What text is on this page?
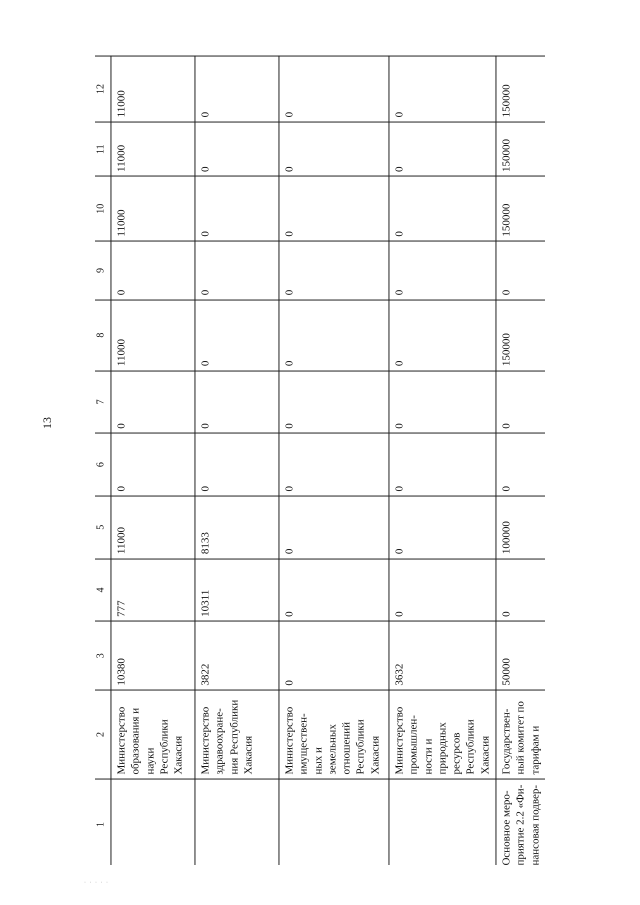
13
· · · · ·
1	2	3	4	5	6	7	8	9	10	11	12
	Министерство образования и науки Республики Хакасия	10380	777	11000	0	0	11000	0	11000	11000	11000
	Министерство здравоохране-ния Республики Хакасия	3822	10311	8133	0	0	0	0	0	0	0
	Министерство имуществен-ных и земельных отношений Республики Хакасия	0	0	0	0	0	0	0	0	0	0
	Министерство промышлен-ности и природных ресурсов Республики Хакасия	3632	0	0	0	0	0	0	0	0	0
Основное меро-приятие 2.2 «Фи-нансовая подвер-	Государствен-ный комитет по тарифам и	50000	0	100000	0	0	150000	0	150000	150000	150000
